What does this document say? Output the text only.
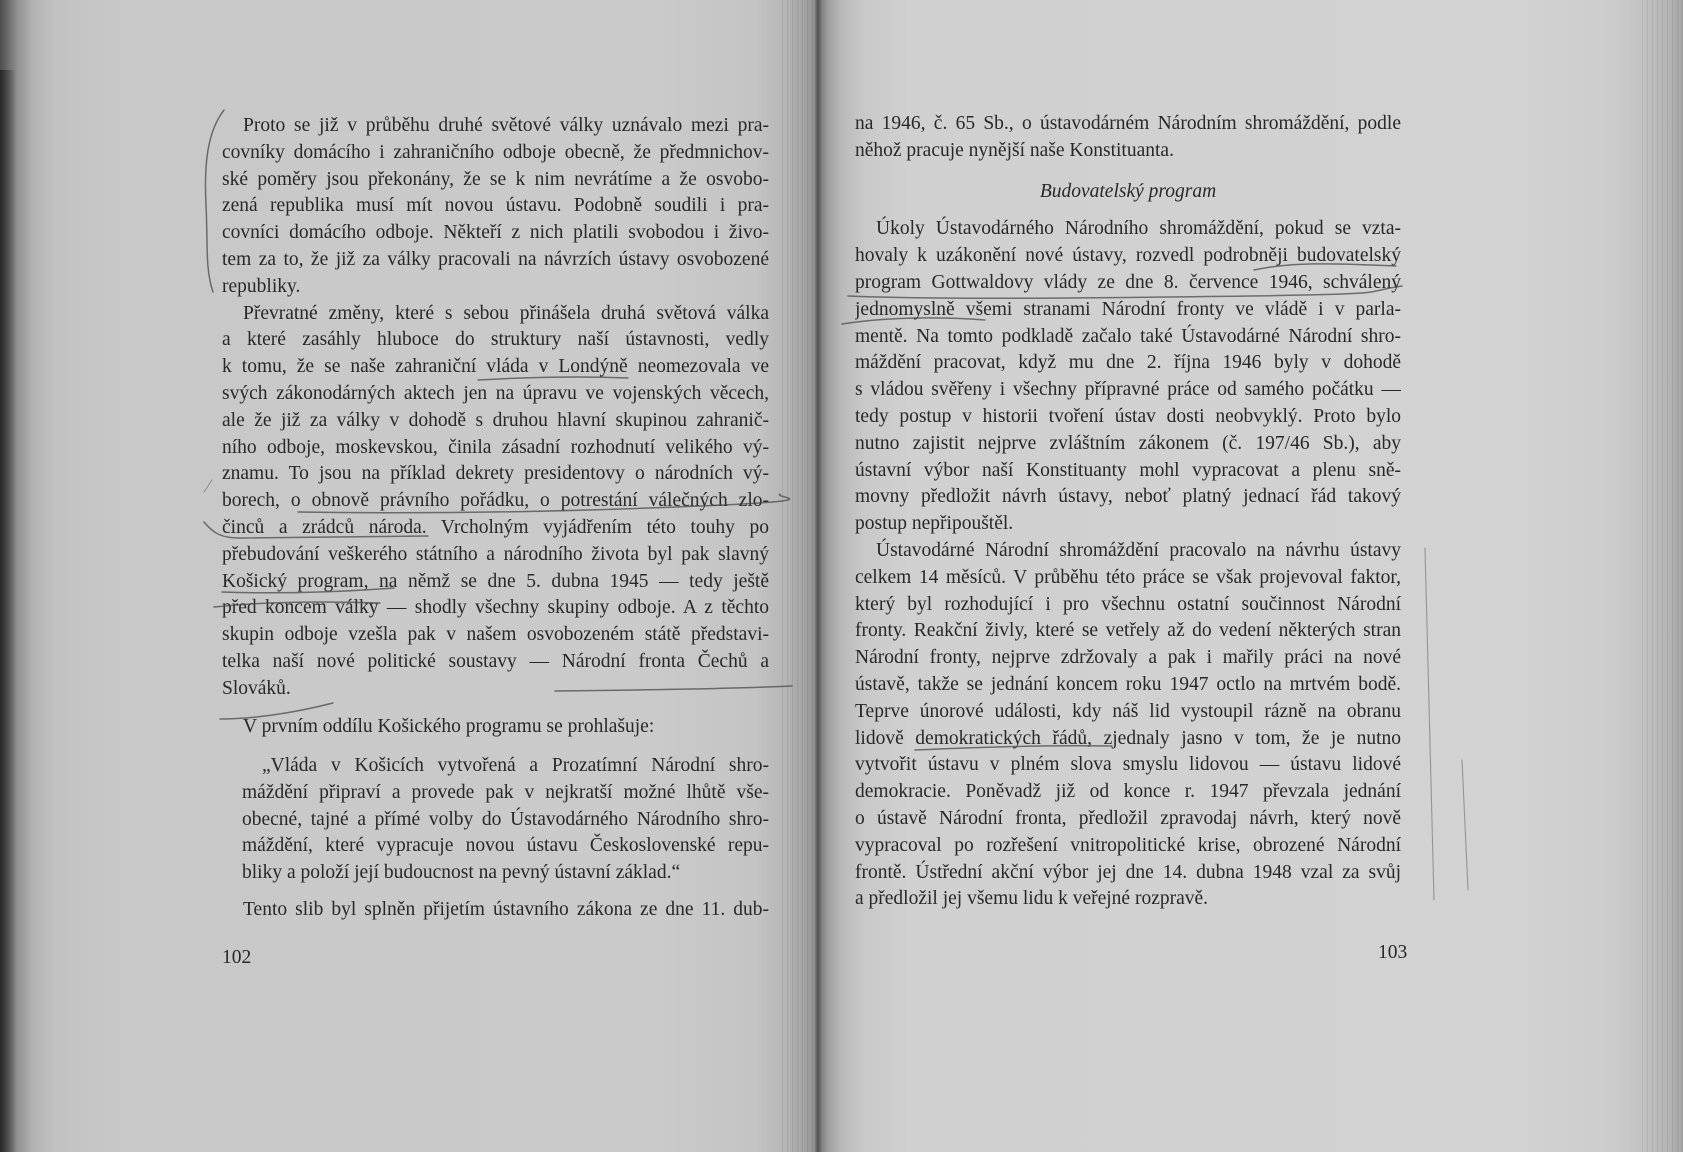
Proto se již v průběhu druhé světové války uznávalo mezi pra-
covníky domácího i zahraničního odboje obecně, že předmnichov-
ské poměry jsou překonány, že se k nim nevrátíme a že osvobo-
zená republika musí mít novou ústavu. Podobně soudili i pra-
covníci domácího odboje. Někteří z nich platili svobodou i živo-
tem za to, že již za války pracovali na návrzích ústavy osvobozené
republiky.
Převratné změny, které s sebou přinášela druhá světová válka
a které zasáhly hluboce do struktury naší ústavnosti, vedly
k tomu, že se naše zahraniční vláda v Londýně neomezovala ve
svých zákonodárných aktech jen na úpravu ve vojenských věcech,
ale že již za války v dohodě s druhou hlavní skupinou zahranič-
ního odboje, moskevskou, činila zásadní rozhodnutí velikého vý-
znamu. To jsou na příklad dekrety presidentovy o národních vý-
borech, o obnově právního pořádku, o potrestání válečných zlo-
činců a zrádců národa. Vrcholným vyjádřením této touhy po
přebudování veškerého státního a národního života byl pak slavný
Košický program, na němž se dne 5. dubna 1945 — tedy ještě
před koncem války — shodly všechny skupiny odboje. A z těchto
skupin odboje vzešla pak v našem osvobozeném státě představi-
telka naší nové politické soustavy — Národní fronta Čechů a
Slováků.
V prvním oddílu Košického programu se prohlašuje:
„Vláda v Košicích vytvořená a Prozatímní Národní shro-
máždění připraví a provede pak v nejkratší možné lhůtě vše-
obecné, tajné a přímé volby do Ústavodárného Národního shro-
máždění, které vypracuje novou ústavu Československé repu-
bliky a položí její budoucnost na pevný ústavní základ.“
Tento slib byl splněn přijetím ústavního zákona ze dne 11. dub-
102
na 1946, č. 65 Sb., o ústavodárném Národním shromáždění, podle
něhož pracuje nynější naše Konstituanta.
Budovatelský program
Úkoly Ústavodárného Národního shromáždění, pokud se vzta-
hovaly k uzákonění nové ústavy, rozvedl podrobněji budovatelský
program Gottwaldovy vlády ze dne 8. července 1946, schválený
jednomyslně všemi stranami Národní fronty ve vládě i v parla-
mentě. Na tomto podkladě začalo také Ústavodárné Národní shro-
máždění pracovat, když mu dne 2. října 1946 byly v dohodě
s vládou svěřeny i všechny přípravné práce od samého počátku —
tedy postup v historii tvoření ústav dosti neobvyklý. Proto bylo
nutno zajistit nejprve zvláštním zákonem (č. 197/46 Sb.), aby
ústavní výbor naší Konstituanty mohl vypracovat a plenu sně-
movny předložit návrh ústavy, neboť platný jednací řád takový
postup nepřipouštěl.
Ústavodárné Národní shromáždění pracovalo na návrhu ústavy
celkem 14 měsíců. V průběhu této práce se však projevoval faktor,
který byl rozhodující i pro všechnu ostatní součinnost Národní
fronty. Reakční živly, které se vetřely až do vedení některých stran
Národní fronty, nejprve zdržovaly a pak i mařily práci na nové
ústavě, takže se jednání koncem roku 1947 octlo na mrtvém bodě.
Teprve únorové události, kdy náš lid vystoupil rázně na obranu
lidově demokratických řádů, zjednaly jasno v tom, že je nutno
vytvořit ústavu v plném slova smyslu lidovou — ústavu lidové
demokracie. Poněvadž již od konce r. 1947 převzala jednání
o ústavě Národní fronta, předložil zpravodaj návrh, který nově
vypracoval po rozřešení vnitropolitické krise, obrozené Národní
frontě. Ústřední akční výbor jej dne 14. dubna 1948 vzal za svůj
a předložil jej všemu lidu k veřejné rozpravě.
103
